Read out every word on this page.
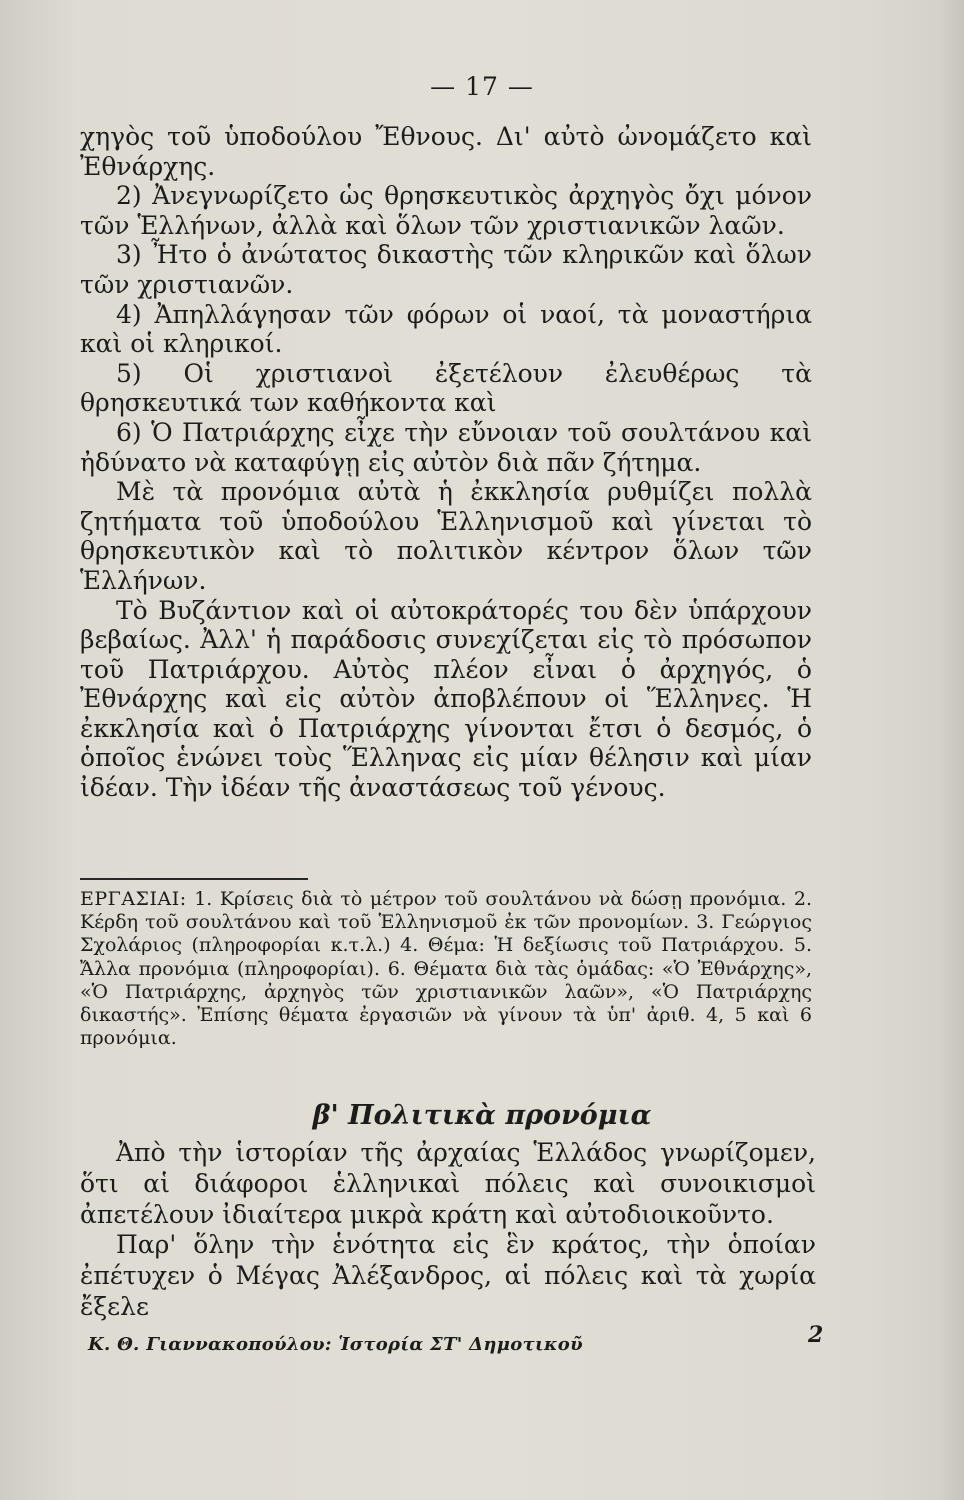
— 17 —

χηγὸς τοῦ ὑποδούλου Ἔθνους. Δι' αὐτὸ ὠνομάζετο καὶ Ἐθνάρχης.

2) Ἀνεγνωρίζετο ὡς θρησκευτικὸς ἀρχηγὸς ὄχι μόνον τῶν Ἑλλήνων, ἀλλὰ καὶ ὅλων τῶν χριστιανικῶν λαῶν.

3) Ἦτο ὁ ἀνώτατος δικαστὴς τῶν κληρικῶν καὶ ὅλων τῶν χριστιανῶν.

4) Ἀπηλλάγησαν τῶν φόρων οἱ ναοί, τὰ μοναστήρια καὶ οἱ κληρικοί.

5) Οἱ χριστιανοὶ ἐξετέλουν ἐλευθέρως τὰ θρησκευτικά των καθήκοντα καὶ

6) Ὁ Πατριάρχης εἶχε τὴν εὔνοιαν τοῦ σουλτάνου καὶ ἠδύνατο νὰ καταφύγῃ εἰς αὐτὸν διὰ πᾶν ζήτημα.

Μὲ τὰ προνόμια αὐτὰ ἡ ἐκκλησία ρυθμίζει πολλὰ ζητήματα τοῦ ὑποδούλου Ἑλληνισμοῦ καὶ γίνεται τὸ θρησκευτικὸν καὶ τὸ πολιτικὸν κέντρον ὅλων τῶν Ἑλλήνων.

Τὸ Βυζάντιον καὶ οἱ αὐτοκράτορές του δὲν ὑπάρχουν βεβαίως. Ἀλλ' ἡ παράδοσις συνεχίζεται εἰς τὸ πρόσωπον τοῦ Πατριάρχου. Αὐτὸς πλέον εἶναι ὁ ἀρχηγός, ὁ Ἐθνάρχης καὶ εἰς αὐτὸν ἀποβλέπουν οἱ Ἕλληνες. Ἡ ἐκκλησία καὶ ὁ Πατριάρχης γίνονται ἔτσι ὁ δεσμός, ὁ ὁποῖος ἑνώνει τοὺς Ἕλληνας εἰς μίαν θέλησιν καὶ μίαν ἰδέαν. Τὴν ἰδέαν τῆς ἀναστάσεως τοῦ γένους.

ΕΡΓΑΣΙΑΙ: 1. Κρίσεις διὰ τὸ μέτρον τοῦ σουλτάνου νὰ δώσῃ προνόμια. 2. Κέρδη τοῦ σουλτάνου καὶ τοῦ Ἑλληνισμοῦ ἐκ τῶν προνομίων. 3. Γεώργιος Σχολάριος (πληροφορίαι κ.τ.λ.) 4. Θέμα: Ἡ δεξίωσις τοῦ Πατριάρχου. 5. Ἄλλα προνόμια (πληροφορίαι). 6. Θέματα διὰ τὰς ὁμάδας: «Ὁ Ἐθνάρχης», «Ὁ Πατριάρχης, ἀρχηγὸς τῶν χριστιανικῶν λαῶν», «Ὁ Πατριάρχης δικαστής». Ἐπίσης θέματα ἐργασιῶν νὰ γίνουν τὰ ὑπ' ἀριθ. 4, 5 καὶ 6 προνόμια.

β' Πολιτικὰ προνόμια

Ἀπὸ τὴν ἱστορίαν τῆς ἀρχαίας Ἑλλάδος γνωρίζομεν, ὅτι αἱ διάφοροι ἑλληνικαὶ πόλεις καὶ συνοικισμοὶ ἀπετέλουν ἰδιαίτερα μικρὰ κράτη καὶ αὐτοδιοικοῦντο.

Παρ' ὅλην τὴν ἑνότητα εἰς ἓν κράτος, τὴν ὁποίαν ἐπέτυχεν ὁ Μέγας Ἀλέξανδρος, αἱ πόλεις καὶ τὰ χωρία ἔξελε

Κ. Θ. Γιαννακοπούλου: Ἱστορία ΣΤ' Δημοτικοῦ	2
